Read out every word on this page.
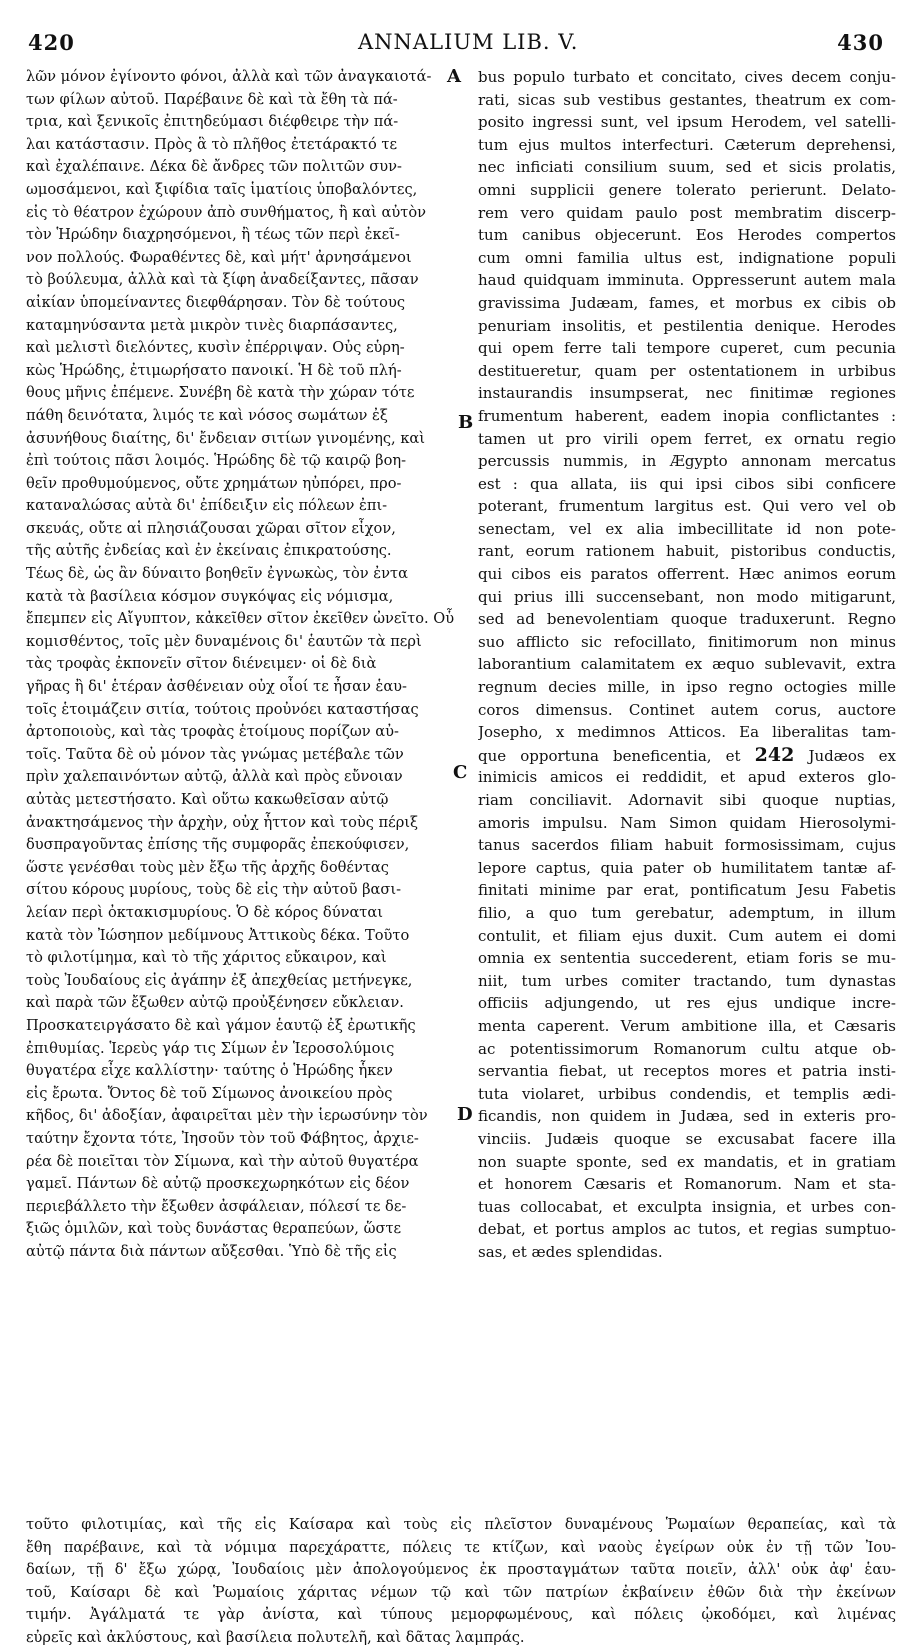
420	ANNALIUM LIB. V.	430
λῶν μόνον ἐγίνοντο φόνοι, ἀλλὰ καὶ τῶν ἀναγκαιοτά-
των φίλων αὐτοῦ. Παρέβαινε δὲ καὶ τὰ ἔθη τὰ πά-
τρια, καὶ ξενικοῖς ἐπιτηδεύμασι διέφθειρε τὴν πά-
λαι κατάστασιν. Πρὸς ἃ τὸ πλῆθος ἐτετάρακτό τε
καὶ ἐχαλέπαινε. Δέκα δὲ ἄνδρες τῶν πολιτῶν συν-
ωμοσάμενοι, καὶ ξιφίδια ταῖς ἱματίοις ὑποβαλόντες,
εἰς τὸ θέατρον ἐχώρουν ἀπὸ συνθήματος, ἢ καὶ αὐτὸν
τὸν Ἡρώδην διαχρησόμενοι, ἢ τέως τῶν περὶ ἐκεῖ-
νον πολλούς. Φωραθέντες δὲ, καὶ μήτ' ἀρνησάμενοι
τὸ βούλευμα, ἀλλὰ καὶ τὰ ξίφη ἀναδείξαντες, πᾶσαν
αἰκίαν ὑπομείναντες διεφθάρησαν. Τὸν δὲ τούτους
καταμηνύσαντα μετὰ μικρὸν τινὲς διαρπάσαντες,
καὶ μελιστὶ διελόντες, κυσὶν ἐπέρριψαν. Οὐς εὑρη-
κὼς Ἡρώδης, ἐτιμωρήσατο πανοικί. Ἡ δὲ τοῦ πλή-
θους μῆνις ἐπέμενε. Συνέβη δὲ κατὰ τὴν χώραν τότε
πάθη δεινότατα, λιμός τε καὶ νόσος σωμάτων ἐξ
ἀσυνήθους διαίτης, δι' ἔνδειαν σιτίων γινομένης, καὶ
ἐπὶ τούτοις πᾶσι λοιμός. Ἡρώδης δὲ τῷ καιρῷ βοη-
θεῖν προθυμούμενος, οὔτε χρημάτων ηὐπόρει, προ-
καταναλώσας αὐτὰ δι' ἐπίδειξιν εἰς πόλεων ἐπι-
σκευάς, οὔτε αἱ πλησιάζουσαι χῶραι σῖτον εἶχον,
τῆς αὐτῆς ἐνδείας καὶ ἐν ἐκείναις ἐπικρατούσης.
Τέως δὲ, ὡς ἂν δύναιτο βοηθεῖν ἐγνωκὼς, τὸν ἐντα
κατὰ τὰ βασίλεια κόσμον συγκόψας εἰς νόμισμα,
ἔπεμπεν εἰς Αἴγυπτον, κἀκεῖθεν σῖτον ἐκεῖθεν ὠνεῖτο. Οὗ
κομισθέντος, τοῖς μὲν δυναμένοις δι' ἑαυτῶν τὰ περὶ
τὰς τροφὰς ἐκπονεῖν σῖτον διένειμεν· οἱ δὲ διὰ
γῆρας ἢ δι' ἑτέραν ἀσθένειαν οὐχ οἷοί τε ἦσαν ἑαυ-
τοῖς ἑτοιμάζειν σιτία, τούτοις προὐνόει καταστήσας
ἀρτοποιοὺς, καὶ τὰς τροφὰς ἑτοίμους πορίζων αὐ-
τοῖς. Ταῦτα δὲ οὐ μόνον τὰς γνώμας μετέβαλε τῶν
πρὶν χαλεπαινόντων αὐτῷ, ἀλλὰ καὶ πρὸς εὔνοιαν
αὐτὰς μετεστήσατο. Καὶ οὕτω κακωθεῖσαν αὐτῷ
ἀνακτησάμενος τὴν ἀρχὴν, οὐχ ἧττον καὶ τοὺς πέριξ
δυσπραγοῦντας ἐπίσης τῆς συμφορᾶς ἐπεκούφισεν,
ὥστε γενέσθαι τοὺς μὲν ἔξω τῆς ἀρχῆς δοθέντας
σίτου κόρους μυρίους, τοὺς δὲ εἰς τὴν αὐτοῦ βασι-
λείαν περὶ ὀκτακισμυρίους. Ὁ δὲ κόρος δύναται
κατὰ τὸν Ἰώσηπον μεδίμνους Ἀττικοὺς δέκα. Τοῦτο
τὸ φιλοτίμημα, καὶ τὸ τῆς χάριτος εὔκαιρον, καὶ
τοὺς Ἰουδαίους εἰς ἀγάπην ἐξ ἀπεχθείας μετήνεγκε,
καὶ παρὰ τῶν ἔξωθεν αὐτῷ προὐξένησεν εὔκλειαν.
Προσκατειργάσατο δὲ καὶ γάμον ἑαυτῷ ἐξ ἐρωτικῆς
ἐπιθυμίας. Ἱερεὺς γάρ τις Σίμων ἐν Ἱεροσολύμοις
θυγατέρα εἶχε καλλίστην· ταύτης ὁ Ἡρώδης ἧκεν
εἰς ἔρωτα. Ὄντος δὲ τοῦ Σίμωνος ἀνοικείου πρὸς
κῆδος, δι' ἀδοξίαν, ἀφαιρεῖται μὲν τὴν ἱερωσύνην τὸν
ταύτην ἔχοντα τότε, Ἰησοῦν τὸν τοῦ Φάβητος, ἀρχιε-
ρέα δὲ ποιεῖται τὸν Σίμωνα, καὶ τὴν αὐτοῦ θυγατέρα
γαμεῖ. Πάντων δὲ αὐτῷ προσκεχωρηκότων εἰς δέον
περιεβάλλετο τὴν ἔξωθεν ἀσφάλειαν, πόλεσί τε δε-
ξιῶς ὁμιλῶν, καὶ τοὺς δυνάστας θεραπεύων, ὥστε
αὐτῷ πάντα διὰ πάντων αὔξεσθαι. Ὑπὸ δὲ τῆς εἰς
bus populo turbato et concitato, cives decem conju-
rati, sicas sub vestibus gestantes, theatrum ex com-
posito ingressi sunt, vel ipsum Herodem, vel satelli-
tum ejus multos interfecturi. Cæterum deprehensi,
nec inficiati consilium suum, sed et sicis prolatis,
omni supplicii genere tolerato perierunt. Delato-
rem vero quidam paulo post membratim discerp-
tum canibus objecerunt. Eos Herodes compertos
cum omni familia ultus est, indignatione populi
haud quidquam imminuta. Oppresserunt autem mala
gravissima Judæam, fames, et morbus ex cibis ob
penuriam insolitis, et pestilentia denique. Herodes
qui opem ferre tali tempore cuperet, cum pecunia
destitueretur, quam per ostentationem in urbibus
instaurandis insumpserat, nec finitimæ regiones
frumentum haberent, eadem inopia conflictantes :
tamen ut pro virili opem ferret, ex ornatu regio
percussis nummis, in Ægypto annonam mercatus
est : qua allata, iis qui ipsi cibos sibi conficere
poterant, frumentum largitus est. Qui vero vel ob
senectam, vel ex alia imbecillitate id non pote-
rant, eorum rationem habuit, pistoribus conductis,
qui cibos eis paratos offerrent. Hæc animos eorum
qui prius illi succensebant, non modo mitigarunt,
sed ad benevolentiam quoque traduxerunt. Regno
suo afflicto sic refocillato, finitimorum non minus
laborantium calamitatem ex æquo sublevavit, extra
regnum decies mille, in ipso regno octogies mille
coros dimensus. Continet autem corus, auctore
Josepho, x medimnos Atticos. Ea liberalitas tam-
que opportuna beneficentia, et 242 Judæos ex
inimicis amicos ei reddidit, et apud exteros glo-
riam conciliavit. Adornavit sibi quoque nuptias,
amoris impulsu. Nam Simon quidam Hierosolymi-
tanus sacerdos filiam habuit formosissimam, cujus
lepore captus, quia pater ob humilitatem tantæ af-
finitati minime par erat, pontificatum Jesu Fabetis
filio, a quo tum gerebatur, ademptum, in illum
contulit, et filiam ejus duxit. Cum autem ei domi
omnia ex sententia succederent, etiam foris se mu-
niit, tum urbes comiter tractando, tum dynastas
officiis adjungendo, ut res ejus undique incre-
menta caperent. Verum ambitione illa, et Cæsaris
ac potentissimorum Romanorum cultu atque ob-
servantia fiebat, ut receptos mores et patria insti-
tuta violaret, urbibus condendis, et templis ædi-
ficandis, non quidem in Judæa, sed in exteris pro-
vinciis. Judæis quoque se excusabat facere illa
non suapte sponte, sed ex mandatis, et in gratiam
et honorem Cæsaris et Romanorum. Nam et sta-
tuas collocabat, et exculpta insignia, et urbes con-
debat, et portus amplos ac tutos, et regias sumptuo-
sas, et ædes splendidas.
A
B
C
D
τοῦτο φιλοτιμίας, καὶ τῆς εἰς Καίσαρα καὶ τοὺς εἰς πλεῖστον δυναμένους Ῥωμαίων θεραπείας, καὶ τὰ
ἔθη παρέβαινε, καὶ τὰ νόμιμα παρεχάραττε, πόλεις τε κτίζων, καὶ ναοὺς ἐγείρων οὐκ ἐν τῇ τῶν Ἰου-
δαίων, τῇ δ' ἔξω χώρᾳ, Ἰουδαίοις μὲν ἀπολογούμενος ἐκ προσταγμάτων ταῦτα ποιεῖν, ἀλλ' οὐκ ἀφ' ἑαυ-
τοῦ, Καίσαρι δὲ καὶ Ῥωμαίοις χάριτας νέμων τῷ καὶ τῶν πατρίων ἐκβαίνειν ἐθῶν διὰ τὴν ἐκείνων
τιμήν. Ἀγάλματά τε γὰρ ἀνίστα, καὶ τύπους μεμορφωμένους, καὶ πόλεις ᾠκοδόμει, καὶ λιμένας
εὐρεῖς καὶ ἀκλύστους, καὶ βασίλεια πολυτελῆ, καὶ δᾶτας λαμπράς.
